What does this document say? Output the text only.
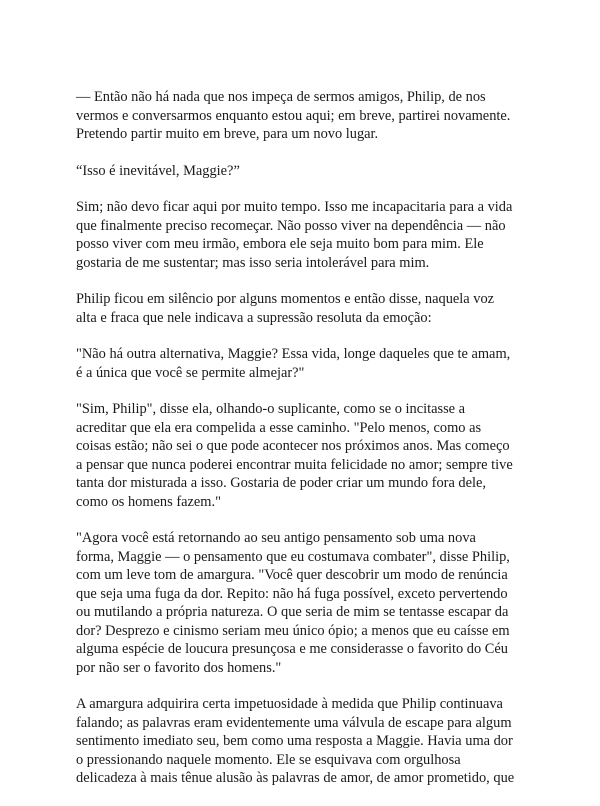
— Então não há nada que nos impeça de sermos amigos, Philip, de nos
vermos e conversarmos enquanto estou aqui; em breve, partirei novamente.
Pretendo partir muito em breve, para um novo lugar.

“Isso é inevitável, Maggie?”

Sim; não devo ficar aqui por muito tempo. Isso me incapacitaria para a vida
que finalmente preciso recomeçar. Não posso viver na dependência — não
posso viver com meu irmão, embora ele seja muito bom para mim. Ele
gostaria de me sustentar; mas isso seria intolerável para mim.

Philip ficou em silêncio por alguns momentos e então disse, naquela voz
alta e fraca que nele indicava a supressão resoluta da emoção:

"Não há outra alternativa, Maggie? Essa vida, longe daqueles que te amam,
é a única que você se permite almejar?"

"Sim, Philip", disse ela, olhando-o suplicante, como se o incitasse a
acreditar que ela era compelida a esse caminho. "Pelo menos, como as
coisas estão; não sei o que pode acontecer nos próximos anos. Mas começo
a pensar que nunca poderei encontrar muita felicidade no amor; sempre tive
tanta dor misturada a isso. Gostaria de poder criar um mundo fora dele,
como os homens fazem."

"Agora você está retornando ao seu antigo pensamento sob uma nova
forma, Maggie — o pensamento que eu costumava combater", disse Philip,
com um leve tom de amargura. "Você quer descobrir um modo de renúncia
que seja uma fuga da dor. Repito: não há fuga possível, exceto pervertendo
ou mutilando a própria natureza. O que seria de mim se tentasse escapar da
dor? Desprezo e cinismo seriam meu único ópio; a menos que eu caísse em
alguma espécie de loucura presunçosa e me considerasse o favorito do Céu
por não ser o favorito dos homens."

A amargura adquirira certa impetuosidade à medida que Philip continuava
falando; as palavras eram evidentemente uma válvula de escape para algum
sentimento imediato seu, bem como uma resposta a Maggie. Havia uma dor
o pressionando naquele momento. Ele se esquivava com orgulhosa
delicadeza à mais tênue alusão às palavras de amor, de amor prometido, que
